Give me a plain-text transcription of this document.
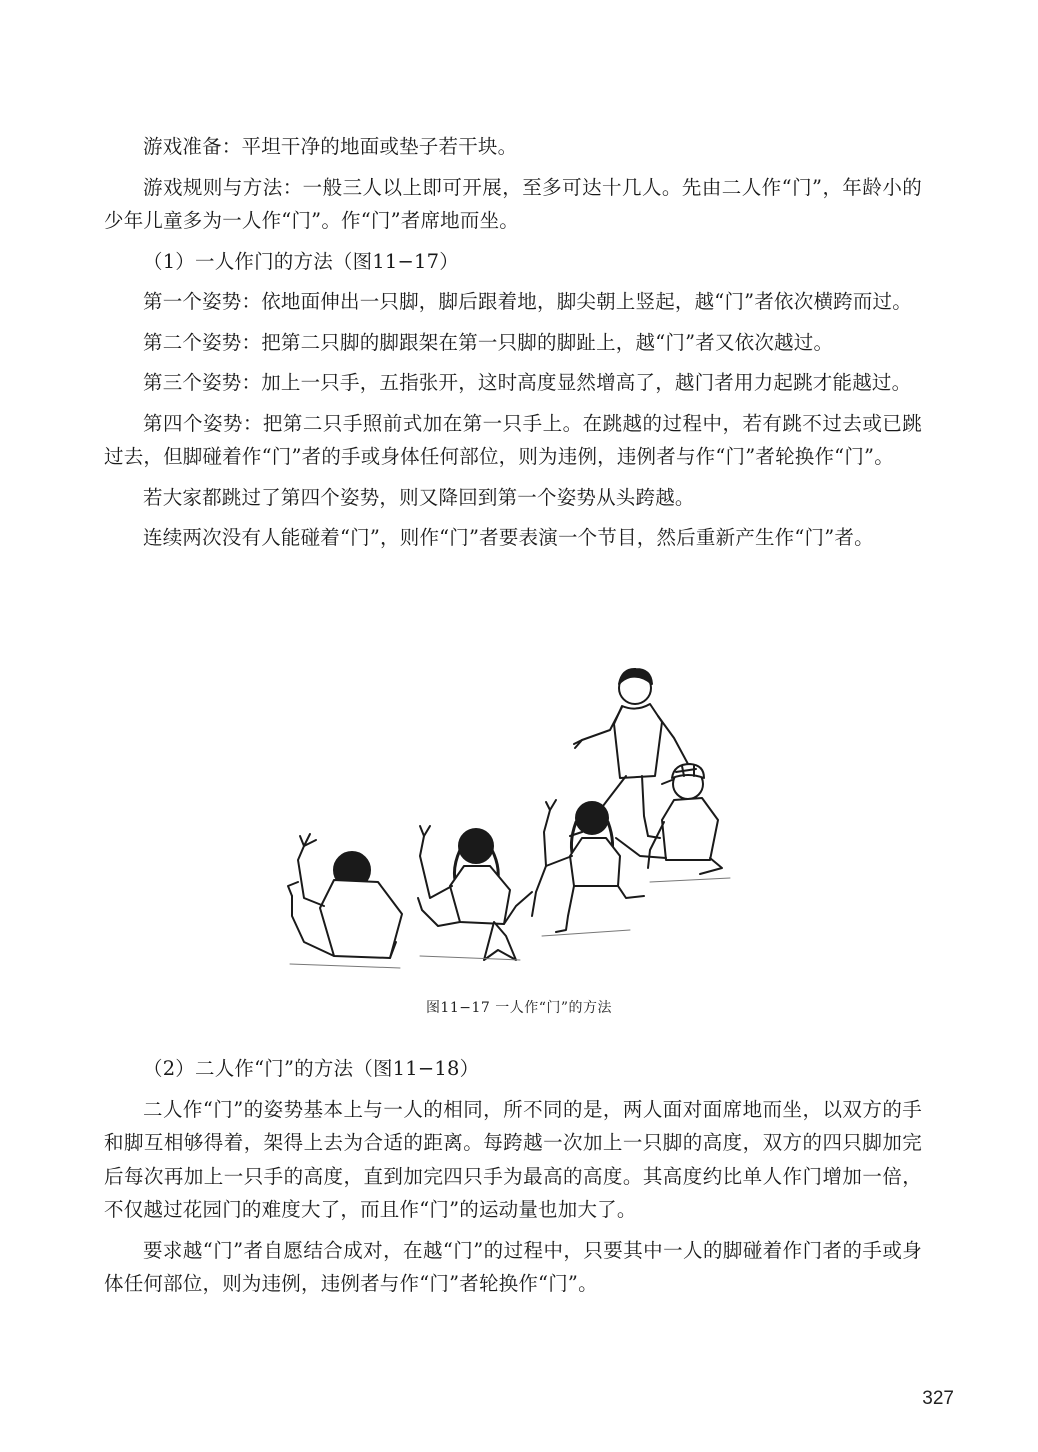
游戏准备：平坦干净的地面或垫子若干块。

游戏规则与方法：一般三人以上即可开展，至多可达十几人。先由二人作“门”，年龄小的少年儿童多为一人作“门”。作“门”者席地而坐。

（1）一人作门的方法（图11−17）

第一个姿势：依地面伸出一只脚，脚后跟着地，脚尖朝上竖起，越“门”者依次横跨而过。

第二个姿势：把第二只脚的脚跟架在第一只脚的脚趾上，越“门”者又依次越过。

第三个姿势：加上一只手，五指张开，这时高度显然增高了，越门者用力起跳才能越过。

第四个姿势：把第二只手照前式加在第一只手上。在跳越的过程中，若有跳不过去或已跳过去，但脚碰着作“门”者的手或身体任何部位，则为违例，违例者与作“门”者轮换作“门”。

若大家都跳过了第四个姿势，则又降回到第一个姿势从头跨越。

连续两次没有人能碰着“门”，则作“门”者要表演一个节目，然后重新产生作“门”者。

图11−17 一人作“门”的方法

（2）二人作“门”的方法（图11−18）

二人作“门”的姿势基本上与一人的相同，所不同的是，两人面对面席地而坐，以双方的手和脚互相够得着，架得上去为合适的距离。每跨越一次加上一只脚的高度，双方的四只脚加完后每次再加上一只手的高度，直到加完四只手为最高的高度。其高度约比单人作门增加一倍，不仅越过花园门的难度大了，而且作“门”的运动量也加大了。

要求越“门”者自愿结合成对，在越“门”的过程中，只要其中一人的脚碰着作门者的手或身体任何部位，则为违例，违例者与作“门”者轮换作“门”。

327
